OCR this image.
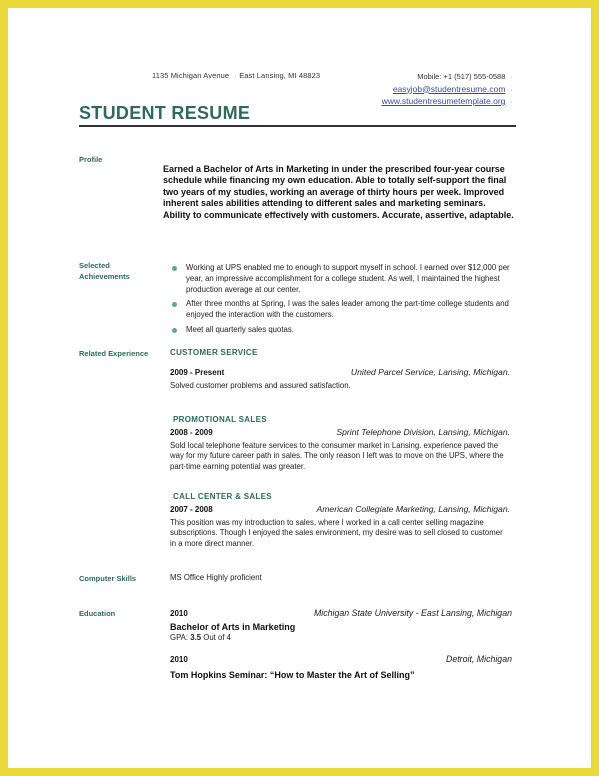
1135 Michigan Avenue · East Lansing, MI 48823	Mobile: +1 (517) 555-0588 ·
easyjob@studentresume.com ·
www.studentresumetemplate.org ·
STUDENT RESUME
Profile
Earned a Bachelor of Arts in Marketing in under the prescribed four-year course schedule while financing my own education. Able to totally self-support the final two years of my studies, working an average of thirty hours per week. Improved inherent sales abilities attending to different sales and marketing seminars. Ability to communicate effectively with customers. Accurate, assertive, adaptable.
Selected Achievements
Working at UPS enabled me to enough to support myself in school. I earned over $12,000 per year, an impressive accomplishment for a college student. As well, I maintained the highest production average at our center.
After three months at Spring, I was the sales leader among the part-time college students and enjoyed the interaction with the customers.
Meet all quarterly sales quotas.
Related Experience	CUSTOMER SERVICE
2009 - Present	United Parcel Service, Lansing, Michigan.
Solved customer problems and assured satisfaction.
PROMOTIONAL SALES
2008 - 2009	Sprint Telephone Division, Lansing, Michigan.
Sold local telephone feature services to the consumer market in Lansing. experience paved the way for my future career path in sales. The only reason I left was to move on the UPS, where the part-time earning potential was greater.
CALL CENTER & SALES
2007 - 2008	American Collegiate Marketing, Lansing, Michigan.
This position was my introduction to sales, where I worked in a call center selling magazine subscriptions. Though I enjoyed the sales environment, my desire was to sell closed to customer in a more direct manner.
Computer Skills	MS Office Highly proficient
Education	2010	Michigan State University - East Lansing, Michigan
Bachelor of Arts in Marketing
GPA: 3.5 Out of 4
2010	Detroit, Michigan
Tom Hopkins Seminar: “How to Master the Art of Selling”
